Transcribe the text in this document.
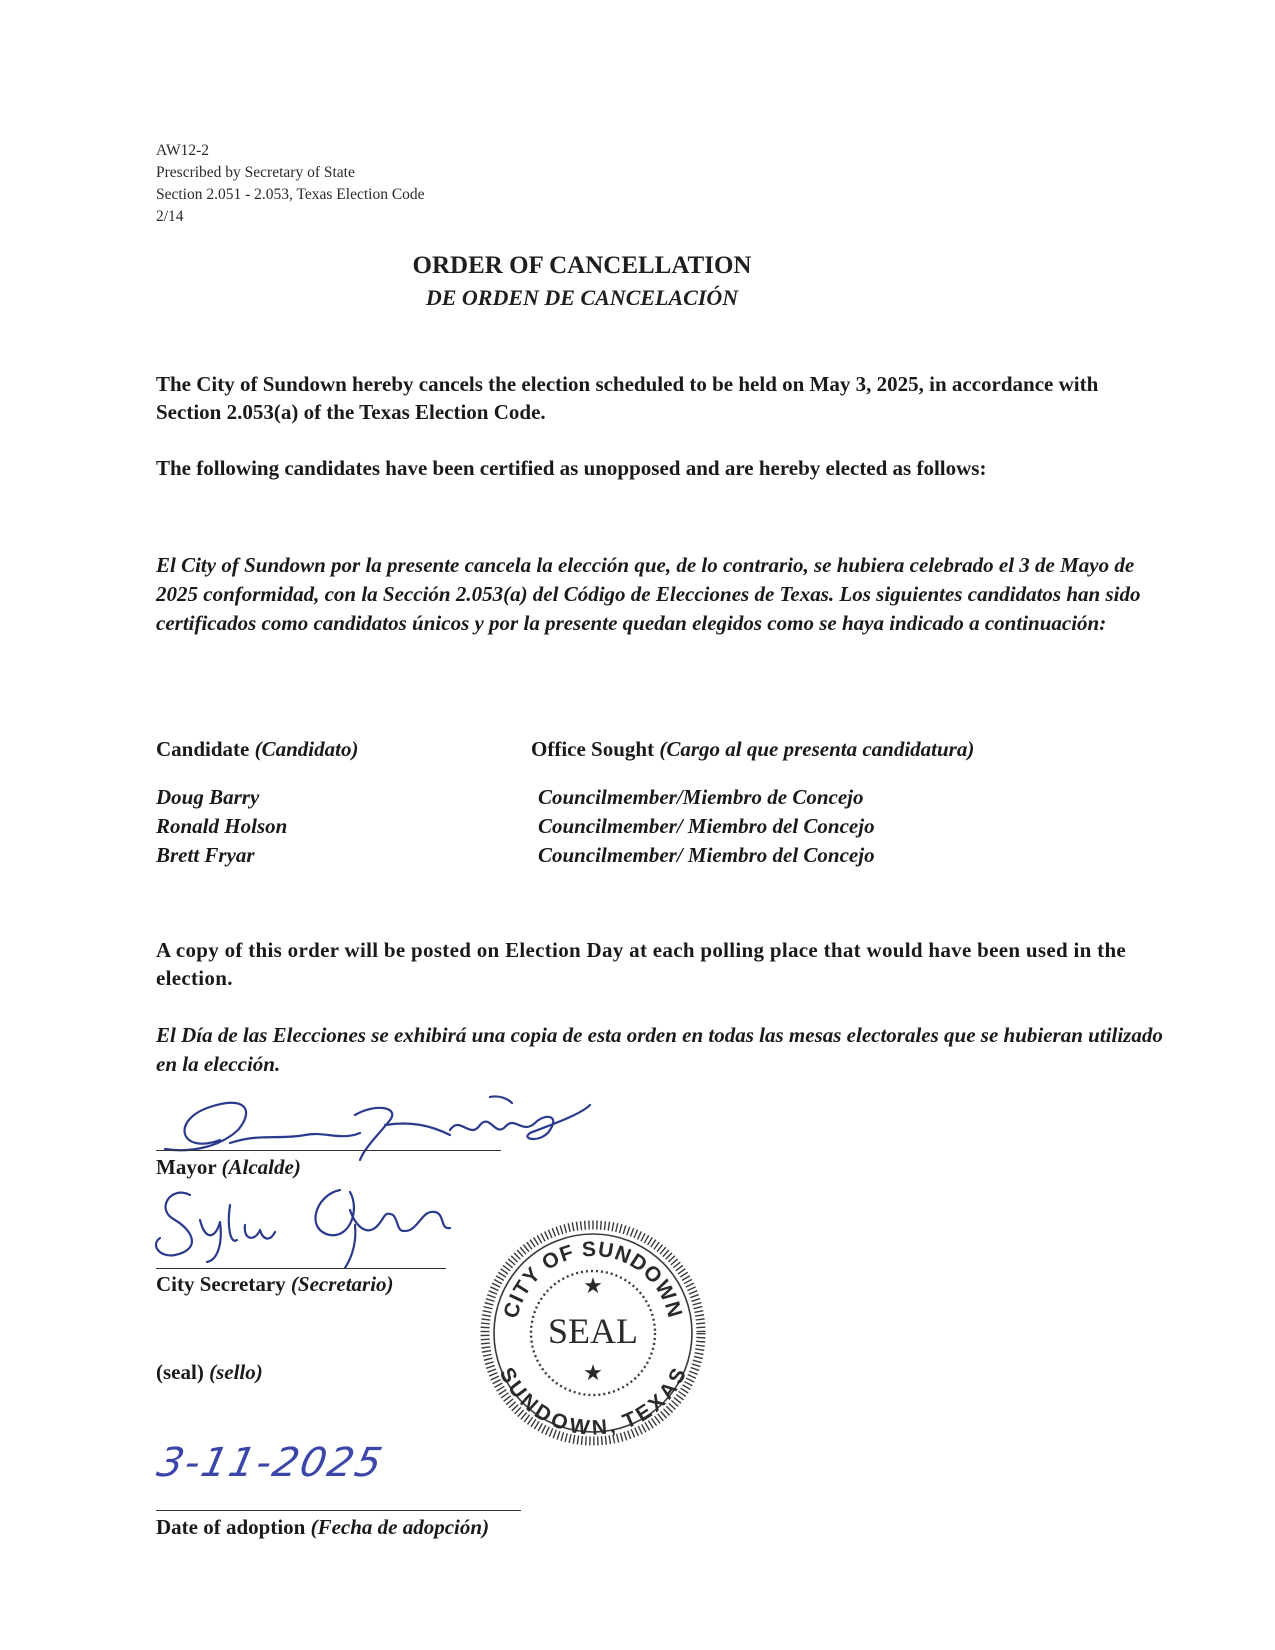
AW12-2
Prescribed by Secretary of State
Section 2.051 - 2.053, Texas Election Code
2/14
ORDER OF CANCELLATION
DE ORDEN DE CANCELACIÓN
The City of Sundown hereby cancels the election scheduled to be held on May 3, 2025, in accordance with Section 2.053(a) of the Texas Election Code.
The following candidates have been certified as unopposed and are hereby elected as follows:
El City of Sundown por la presente cancela la elección que, de lo contrario, se hubiera celebrado el 3 de Mayo de 2025 conformidad, con la Sección 2.053(a) del Código de Elecciones de Texas. Los siguientes candidatos han sido certificados como candidatos únicos y por la presente quedan elegidos como se haya indicado a continuación:
Candidate (Candidato)	Office Sought (Cargo al que presenta candidatura)
Doug Barry	Councilmember/Miembro de Concejo
Ronald Holson	Councilmember/ Miembro del Concejo
Brett Fryar	Councilmember/ Miembro del Concejo
A copy of this order will be posted on Election Day at each polling place that would have been used in the election.
El Día de las Elecciones se exhibirá una copia de esta orden en todas las mesas electorales que se hubieran utilizado en la elección.
Mayor (Alcalde)
City Secretary (Secretario)
(seal) (sello)
CITY OF SUNDOWN
SUNDOWN, TEXAS
★
SEAL
★
3-11-2025
Date of adoption (Fecha de adopción)
